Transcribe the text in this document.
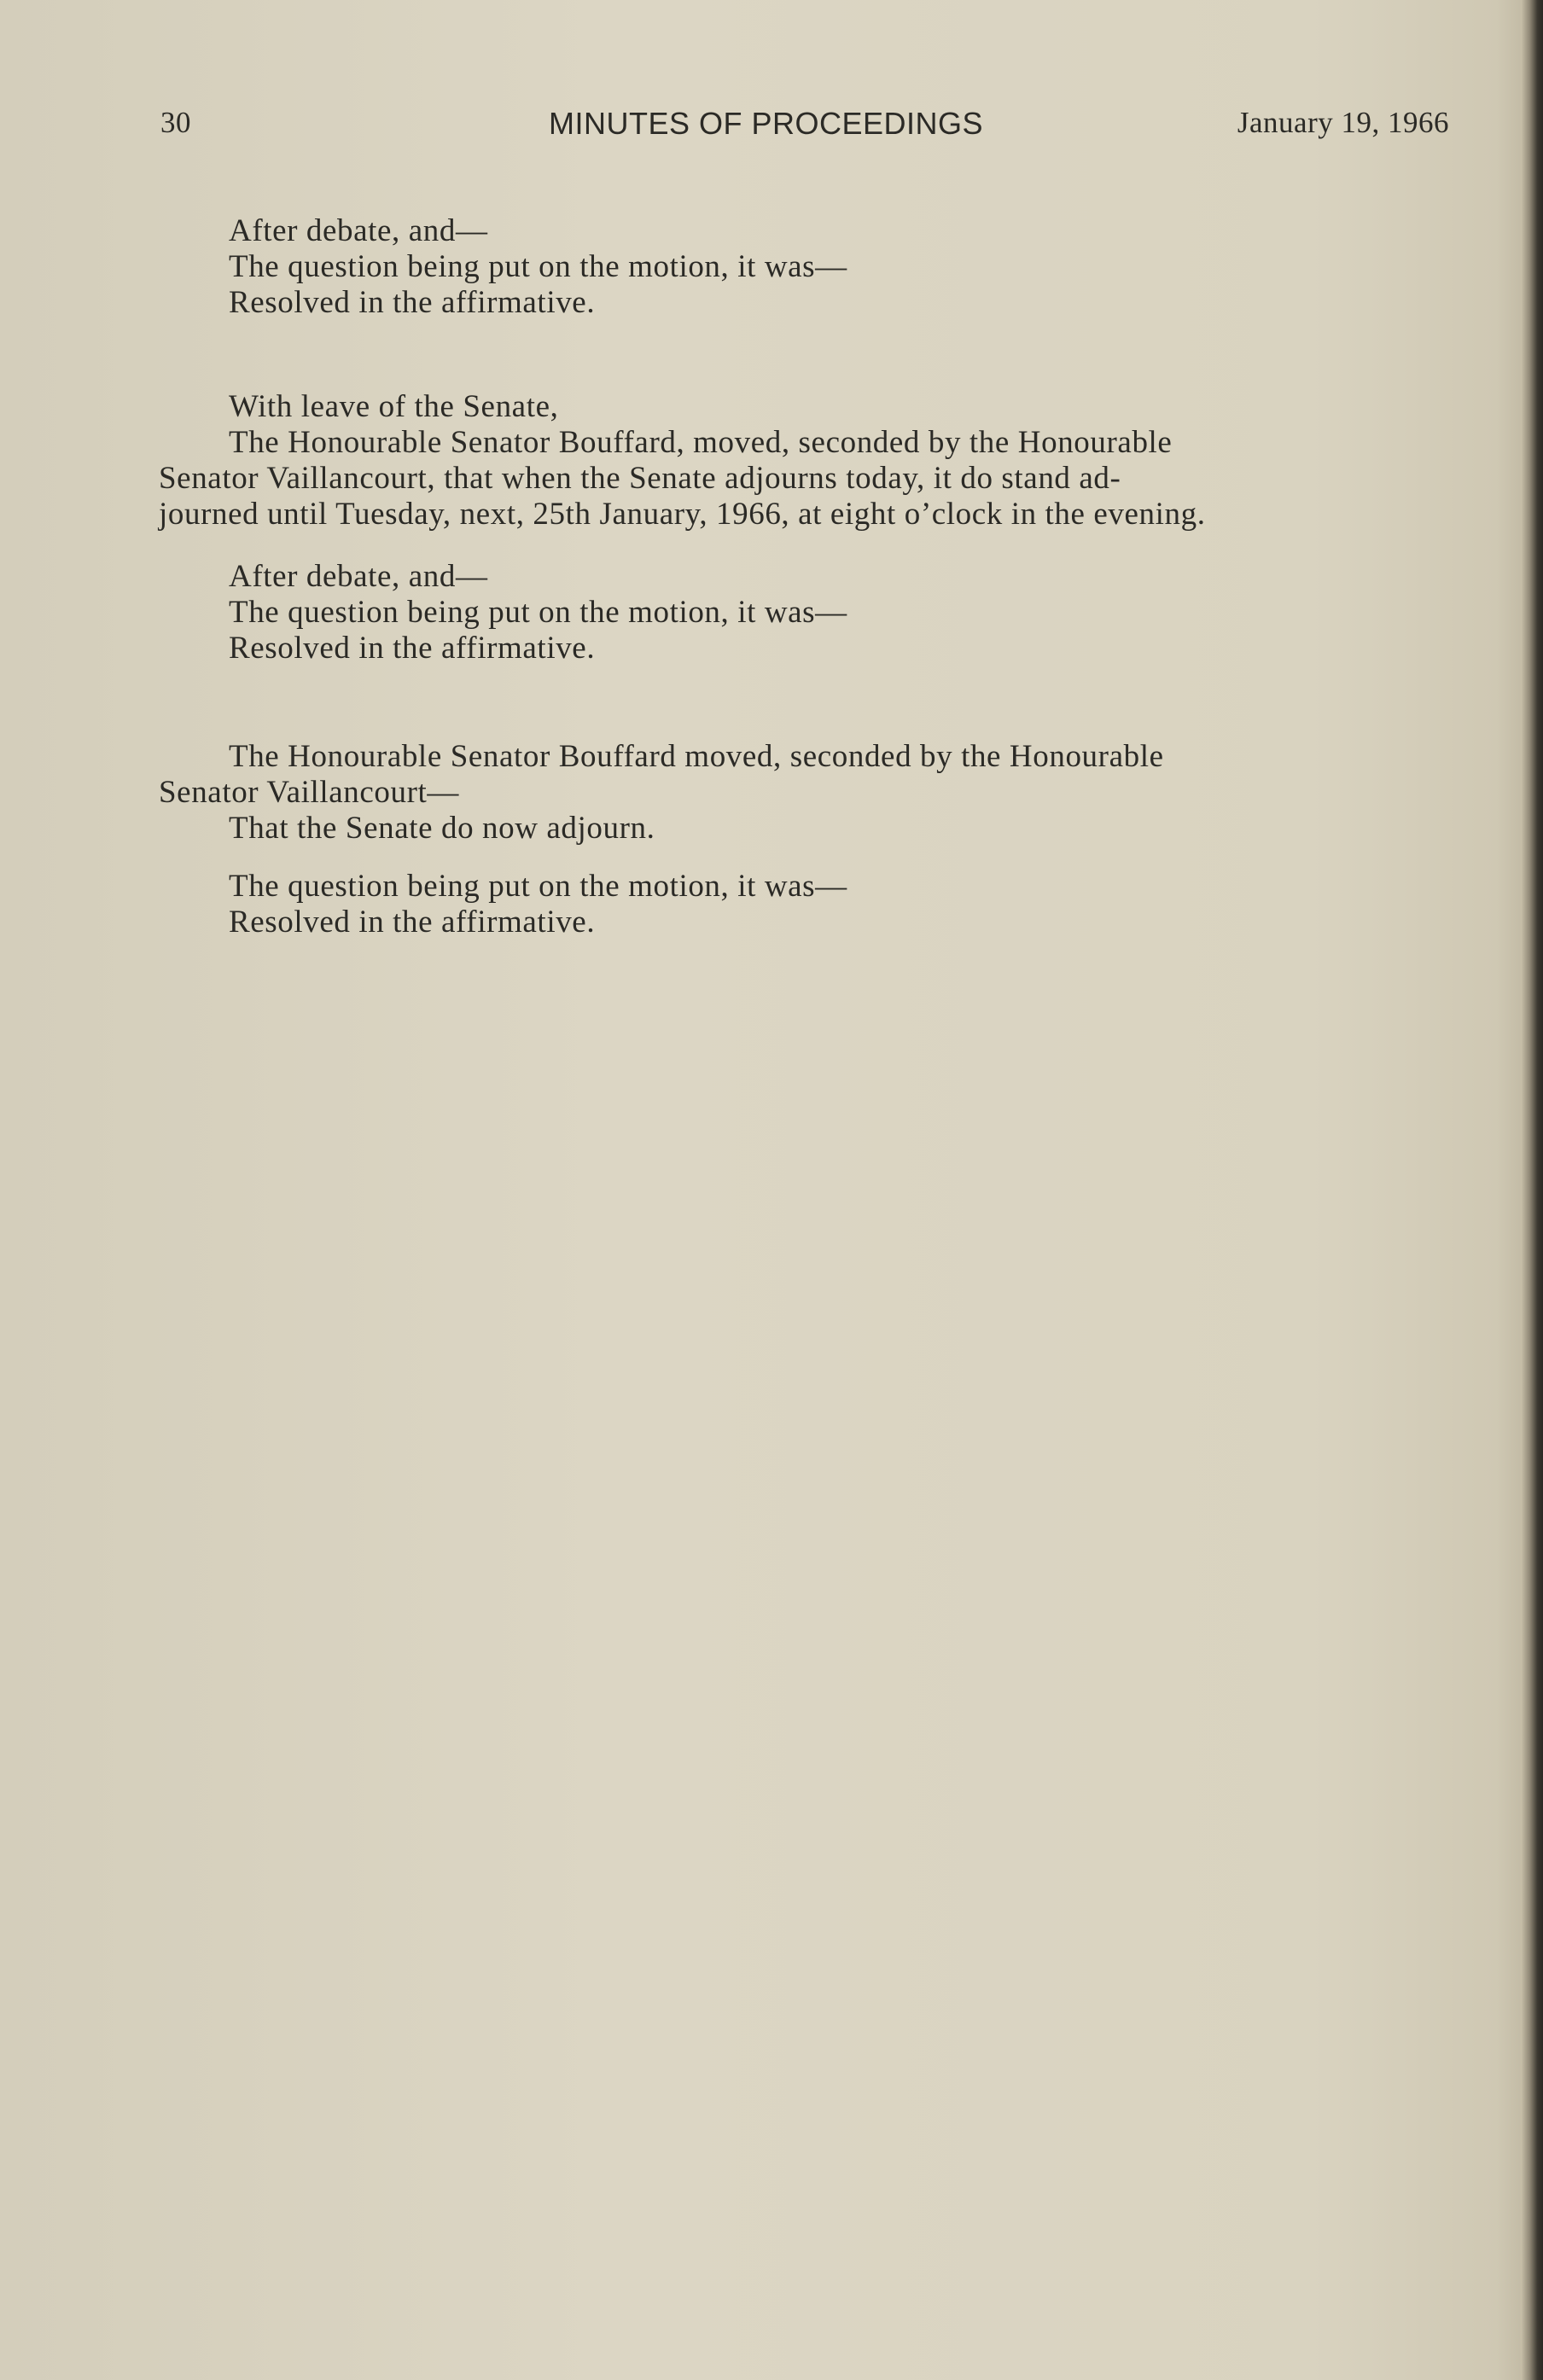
30	MINUTES OF PROCEEDINGS	January 19, 1966
After debate, and—
The question being put on the motion, it was—
Resolved in the affirmative.
With leave of the Senate,
The Honourable Senator Bouffard, moved, seconded by the Honourable
Senator Vaillancourt, that when the Senate adjourns today, it do stand ad-
journed until Tuesday, next, 25th January, 1966, at eight o’clock in the evening.
After debate, and—
The question being put on the motion, it was—
Resolved in the affirmative.
The Honourable Senator Bouffard moved, seconded by the Honourable
Senator Vaillancourt—
That the Senate do now adjourn.
The question being put on the motion, it was—
Resolved in the affirmative.
